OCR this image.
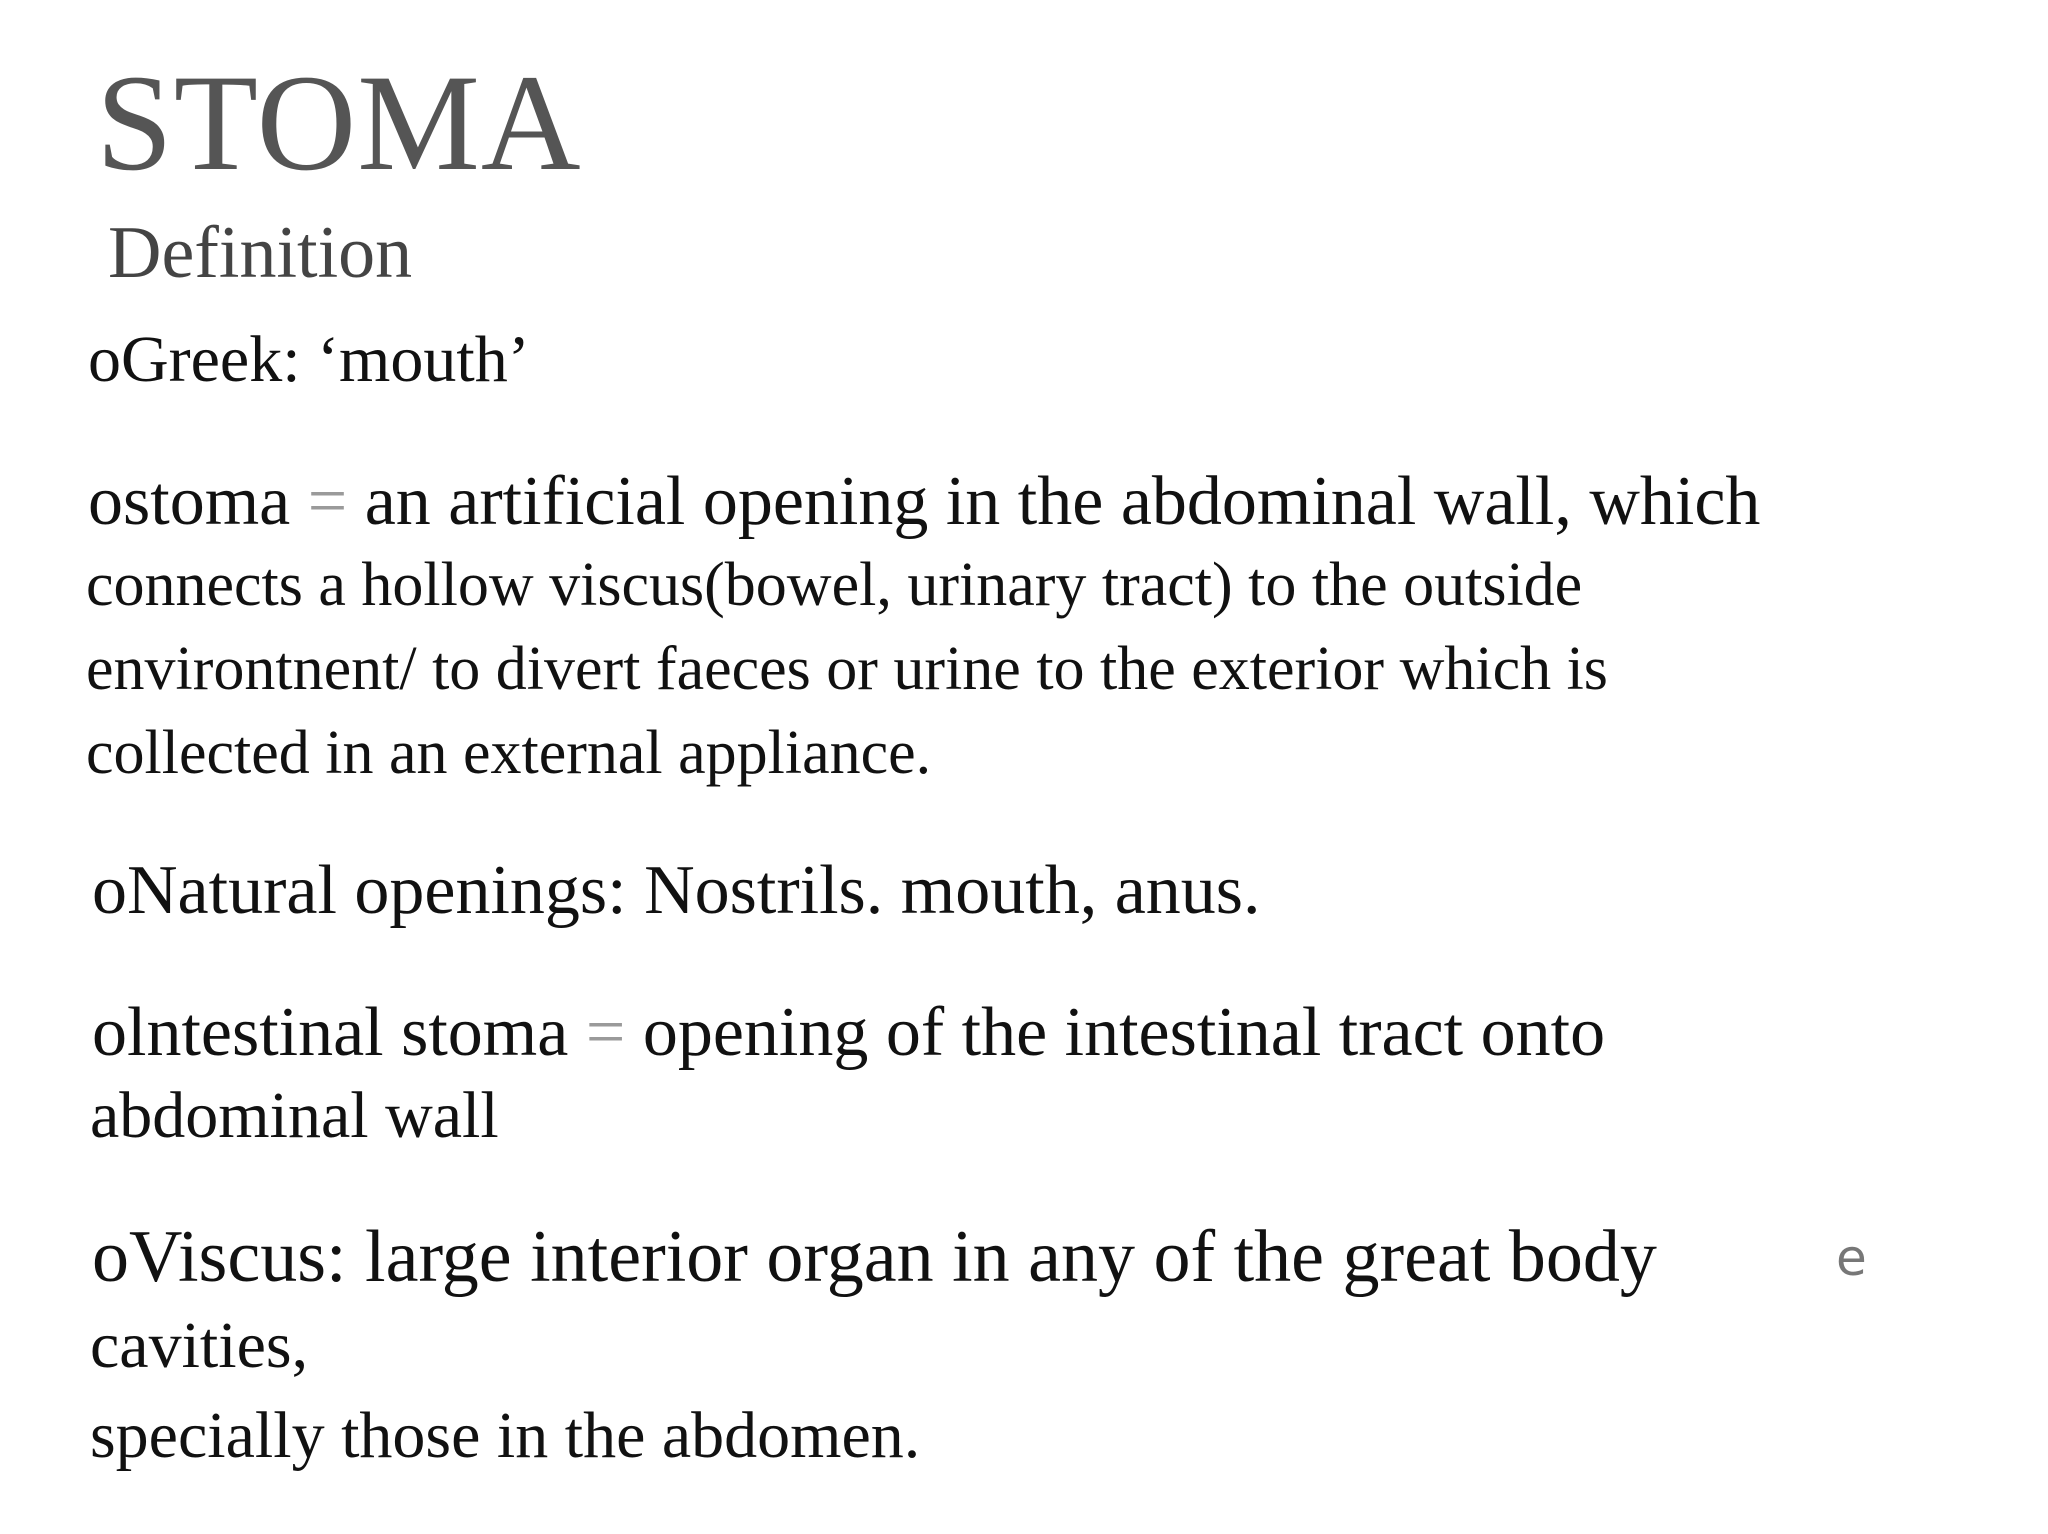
STOMA
Definition
oGreek: ‘mouth’
ostoma = an artificial opening in the abdominal wall, which
connects a hollow viscus(bowel, urinary tract) to the outside
environtnent/ to divert faeces or urine to the exterior which is
collected in an external appliance.
oNatural openings: Nostrils. mouth, anus.
olntestinal stoma = opening of the intestinal tract onto
abdominal wall
oViscus: large interior organ in any of the great body
cavities,
specially those in the abdomen.
e
